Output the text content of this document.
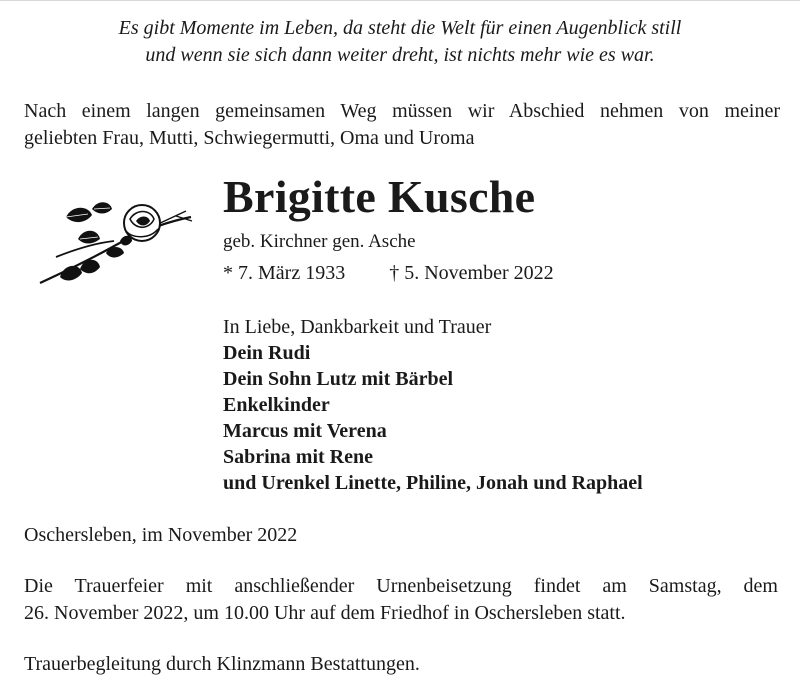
Es gibt Momente im Leben, da steht die Welt für einen Augenblick still
und wenn sie sich dann weiter dreht, ist nichts mehr wie es war.
Nach einem langen gemeinsamen Weg müssen wir Abschied nehmen von meiner
geliebten Frau, Mutti, Schwiegermutti, Oma und Uroma
Brigitte Kusche
geb. Kirchner gen. Asche
* 7. März 1933 † 5. November 2022
In Liebe, Dankbarkeit und Trauer
Dein Rudi
Dein Sohn Lutz mit Bärbel
Enkelkinder
Marcus mit Verena
Sabrina mit Rene
und Urenkel Linette, Philine, Jonah und Raphael
Oschersleben, im November 2022
Die Trauerfeier mit anschließender Urnenbeisetzung findet am Samstag, dem
26. November 2022, um 10.00 Uhr auf dem Friedhof in Oschersleben statt.
Trauerbegleitung durch Klinzmann Bestattungen.
